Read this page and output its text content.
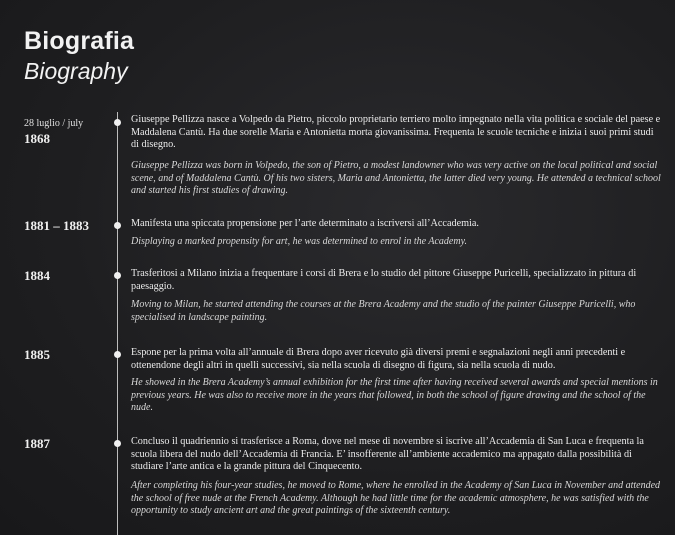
Biografia
Biography
28 luglio / july
1868
Giuseppe Pellizza nasce a Volpedo da Pietro, piccolo proprietario terriero molto impegnato nella vita politica e sociale del paese e Maddalena Cantù. Ha due sorelle Maria e Antonietta morta giovanissima. Frequenta le scuole tecniche e inizia i suoi primi studi di disegno.
Giuseppe Pellizza was born in Volpedo, the son of Pietro, a modest landowner who was very active on the local political and social scene, and of Maddalena Cantù. Of his two sisters, Maria and Antonietta, the latter died very young. He attended a technical school and started his first studies of drawing.
1881 – 1883	Manifesta una spiccata propensione per l’arte determinato a iscriversi all’Accademia.
Displaying a marked propensity for art, he was determined to enrol in the Academy.
1884	Trasferitosi a Milano inizia a frequentare i corsi di Brera e lo studio del pittore Giuseppe Puricelli, specializzato in pittura di paesaggio.
Moving to Milan, he started attending the courses at the Brera Academy and the studio of the painter Giuseppe Puricelli, who specialised in landscape painting.
1885	Espone per la prima volta all’annuale di Brera dopo aver ricevuto già diversi premi e segnalazioni negli anni precedenti e ottenendone degli altri in quelli successivi, sia nella scuola di disegno di figura, sia nella scuola di nudo.
He showed in the Brera Academy’s annual exhibition for the first time after having received several awards and special mentions in previous years. He was also to receive more in the years that followed, in both the school of figure drawing and the school of the nude.
1887	Concluso il quadriennio si trasferisce a Roma, dove nel mese di novembre si iscrive all’Accademia di San Luca e frequenta la scuola libera del nudo dell’Accademia di Francia. E’ insofferente all’ambiente accademico ma appagato dalla possibilità di studiare l’arte antica e la grande pittura del Cinquecento.
After completing his four-year studies, he moved to Rome, where he enrolled in the Academy of San Luca in November and attended the school of free nude at the French Academy. Although he had little time for the academic atmosphere, he was satisfied with the opportunity to study ancient art and the great paintings of the sixteenth century.
